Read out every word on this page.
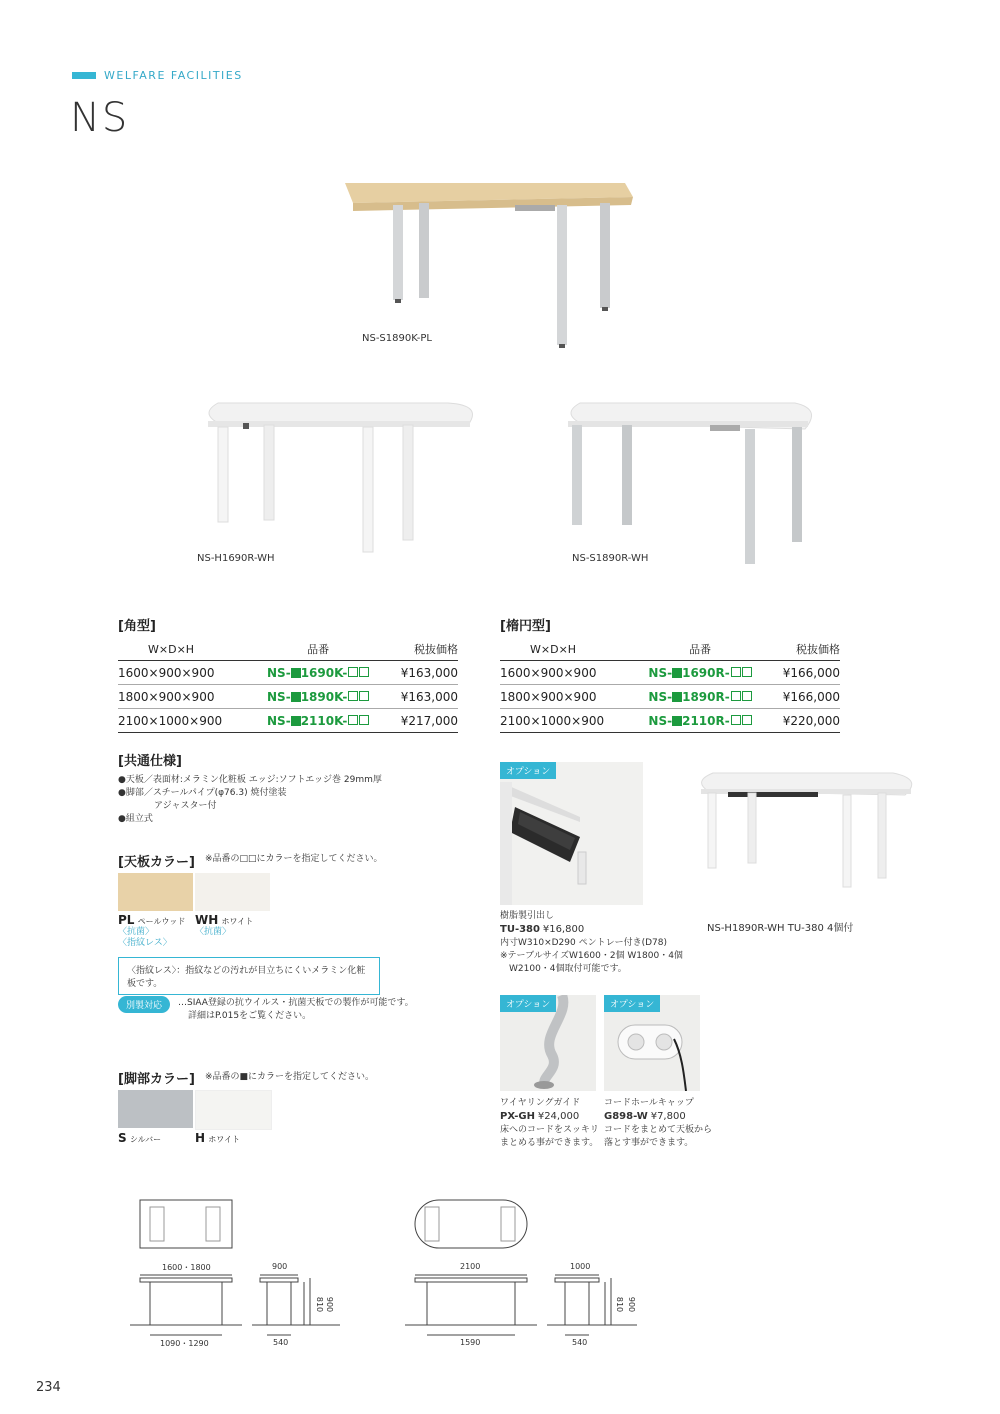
WELFARE FACILITIES
NS
NS-S1890K-PL
NS-H1690R-WH	NS-S1890R-WH
[角型]
W×D×H	品番	税抜価格
1600×900×900	NS- 1690K-	¥163,000
1800×900×900	NS- 1890K-	¥163,000
2100×1000×900	NS- 2110K-	¥217,000
[楕円型]
W×D×H	品番	税抜価格
1600×900×900	NS- 1690R-	¥166,000
1800×900×900	NS- 1890R-	¥166,000
2100×1000×900	NS- 2110R-	¥220,000
[共通仕様]
●天板／表面材:メラミン化粧板 エッジ:ソフトエッジ巻 29mm厚
●脚部／スチールパイプ(φ76.3) 焼付塗装
　　　　アジャスター付
●組立式
[天板カラー] ※品番の□□にカラーを指定してください。
PL ペールウッド
〈抗菌〉
〈指紋レス〉
WH ホワイト
〈抗菌〉
〈指紋レス〉：指紋などの汚れが目立ちにくいメラミン化粧板です。
別製対応	…SIAA登録の抗ウイルス・抗菌天板での製作が可能です。
詳細はP.015をご覧ください。
[脚部カラー] ※品番の■にカラーを指定してください。
S シルバー	H ホワイト
オプション
樹脂製引出し
TU-380 ¥16,800
内寸W310×D290 ペントレー付き(D78)
※テーブルサイズW1600・2個 W1800・4個
　W2100・4個取付可能です。
NS-H1890R-WH TU-380 4個付
オプション
ワイヤリングガイド
PX-GH ¥24,000
床へのコードをスッキリ
まとめる事ができます。
オプション
コードホールキャップ
G898-W ¥7,800
コードをまとめて天板から
落とす事ができます。
1600・1800	900
1090・1290	540
810 900
2100	1000
1590	540
810 900
234
